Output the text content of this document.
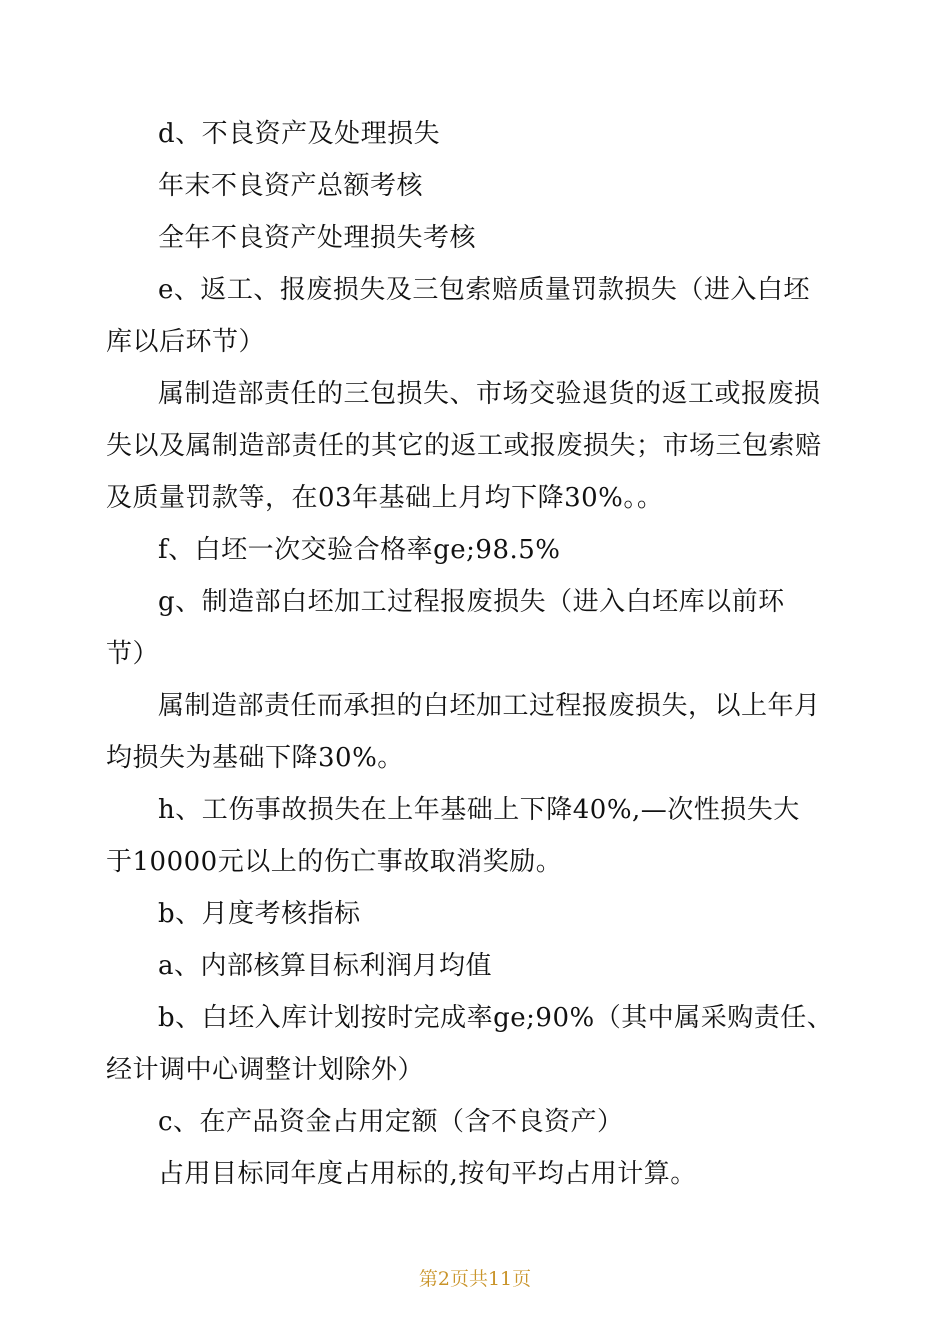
d、不良资产及处理损失
年末不良资产总额考核
全年不良资产处理损失考核
e、返工、报废损失及三包索赔质量罚款损失（进入白坯
库以后环节）
属制造部责任的三包损失、市场交验退货的返工或报废损
失以及属制造部责任的其它的返工或报废损失；市场三包索赔
及质量罚款等，在03年基础上月均下降30%。。
f、白坯一次交验合格率ge;98.5%
g、制造部白坯加工过程报废损失（进入白坯库以前环
节）
属制造部责任而承担的白坯加工过程报废损失，以上年月
均损失为基础下降30%。
h、工伤事故损失在上年基础上下降40%,—次性损失大
于10000元以上的伤亡事故取消奖励。
b、月度考核指标
a、内部核算目标利润月均值
b、白坯入库计划按时完成率ge;90%（其中属采购责任、
经计调中心调整计划除外）
c、在产品资金占用定额（含不良资产）
占用目标同年度占用标的,按旬平均占用计算。
第2页共11页
